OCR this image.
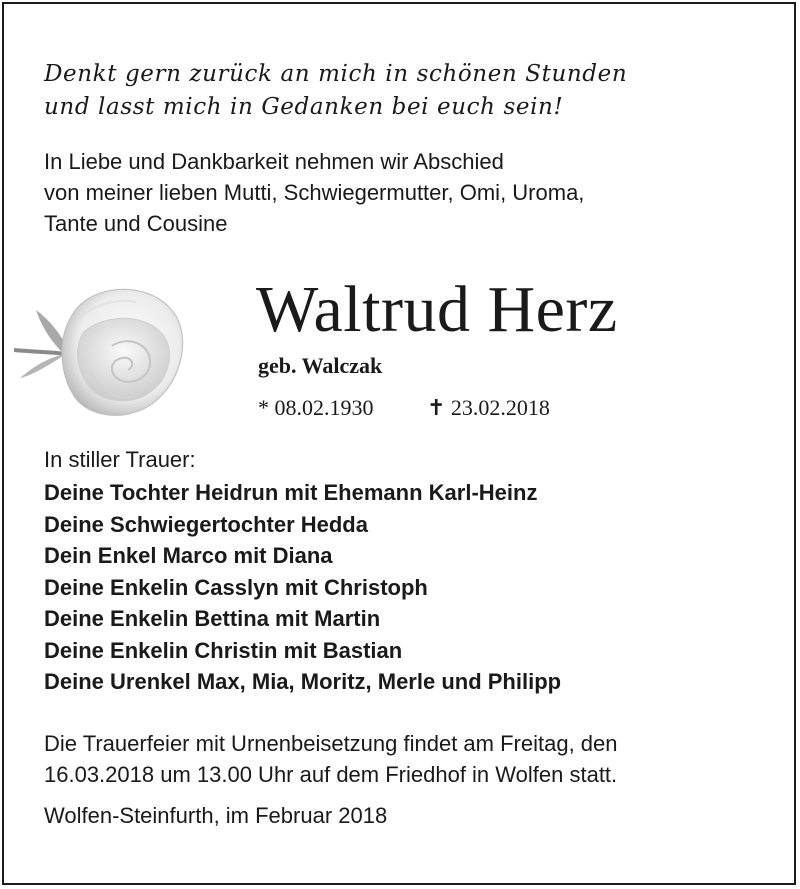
Denkt gern zurück an mich in schönen Stunden
und lasst mich in Gedanken bei euch sein!
In Liebe und Dankbarkeit nehmen wir Abschied
von meiner lieben Mutti, Schwiegermutter, Omi, Uroma,
Tante und Cousine
Waltrud Herz
geb. Walczak
* 08.02.1930 ✝ 23.02.2018
In stiller Trauer:
Deine Tochter Heidrun mit Ehemann Karl-Heinz
Deine Schwiegertochter Hedda
Dein Enkel Marco mit Diana
Deine Enkelin Casslyn mit Christoph
Deine Enkelin Bettina mit Martin
Deine Enkelin Christin mit Bastian
Deine Urenkel Max, Mia, Moritz, Merle und Philipp
Die Trauerfeier mit Urnenbeisetzung findet am Freitag, den
16.03.2018 um 13.00 Uhr auf dem Friedhof in Wolfen statt.
Wolfen-Steinfurth, im Februar 2018
